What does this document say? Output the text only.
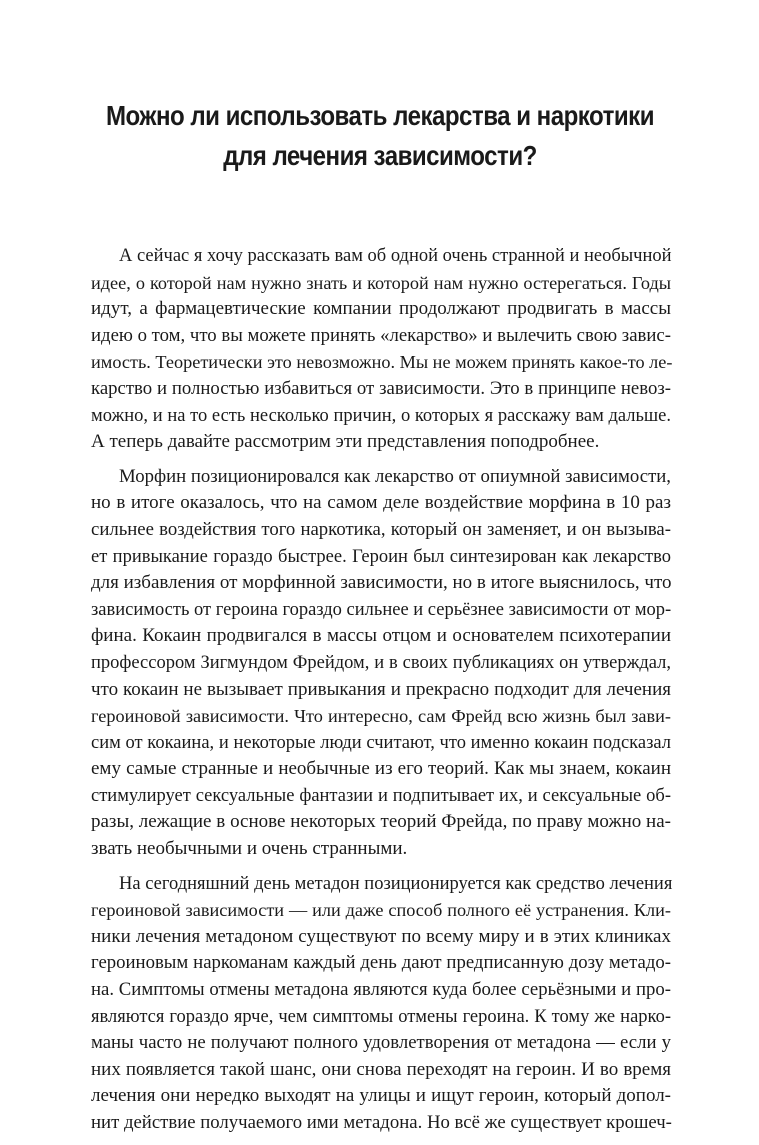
Можно ли использовать лекарства и наркотики
для лечения зависимости?

А сейчас я хочу рассказать вам об одной очень странной и необычной
идее, о которой нам нужно знать и которой нам нужно остерегаться. Годы
идут, а фармацевтические компании продолжают продвигать в массы
идею о том, что вы можете принять «лекарство» и вылечить свою завис-
имость. Теоретически это невозможно. Мы не можем принять какое-то ле-
карство и полностью избавиться от зависимости. Это в принципе невоз-
можно, и на то есть несколько причин, о которых я расскажу вам дальше.
А теперь давайте рассмотрим эти представления поподробнее.

Морфин позиционировался как лекарство от опиумной зависимости,
но в итоге оказалось, что на самом деле воздействие морфина в 10 раз
сильнее воздействия того наркотика, который он заменяет, и он вызыва-
ет привыкание гораздо быстрее. Героин был синтезирован как лекарство
для избавления от морфинной зависимости, но в итоге выяснилось, что
зависимость от героина гораздо сильнее и серьёзнее зависимости от мор-
фина. Кокаин продвигался в массы отцом и основателем психотерапии
профессором Зигмундом Фрейдом, и в своих публикациях он утверждал,
что кокаин не вызывает привыкания и прекрасно подходит для лечения
героиновой зависимости. Что интересно, сам Фрейд всю жизнь был зави-
сим от кокаина, и некоторые люди считают, что именно кокаин подсказал
ему самые странные и необычные из его теорий. Как мы знаем, кокаин
стимулирует сексуальные фантазии и подпитывает их, и сексуальные об-
разы, лежащие в основе некоторых теорий Фрейда, по праву можно на-
звать необычными и очень странными.

На сегодняшний день метадон позиционируется как средство лечения
героиновой зависимости — или даже способ полного её устранения. Кли-
ники лечения метадоном существуют по всему миру и в этих клиниках
героиновым наркоманам каждый день дают предписанную дозу метадо-
на. Симптомы отмены метадона являются куда более серьёзными и про-
являются гораздо ярче, чем симптомы отмены героина. К тому же нарко-
маны часто не получают полного удовлетворения от метадона — если у
них появляется такой шанс, они снова переходят на героин. И во время
лечения они нередко выходят на улицы и ищут героин, который допол-
нит действие получаемого ими метадона. Но всё же существует крошеч-
